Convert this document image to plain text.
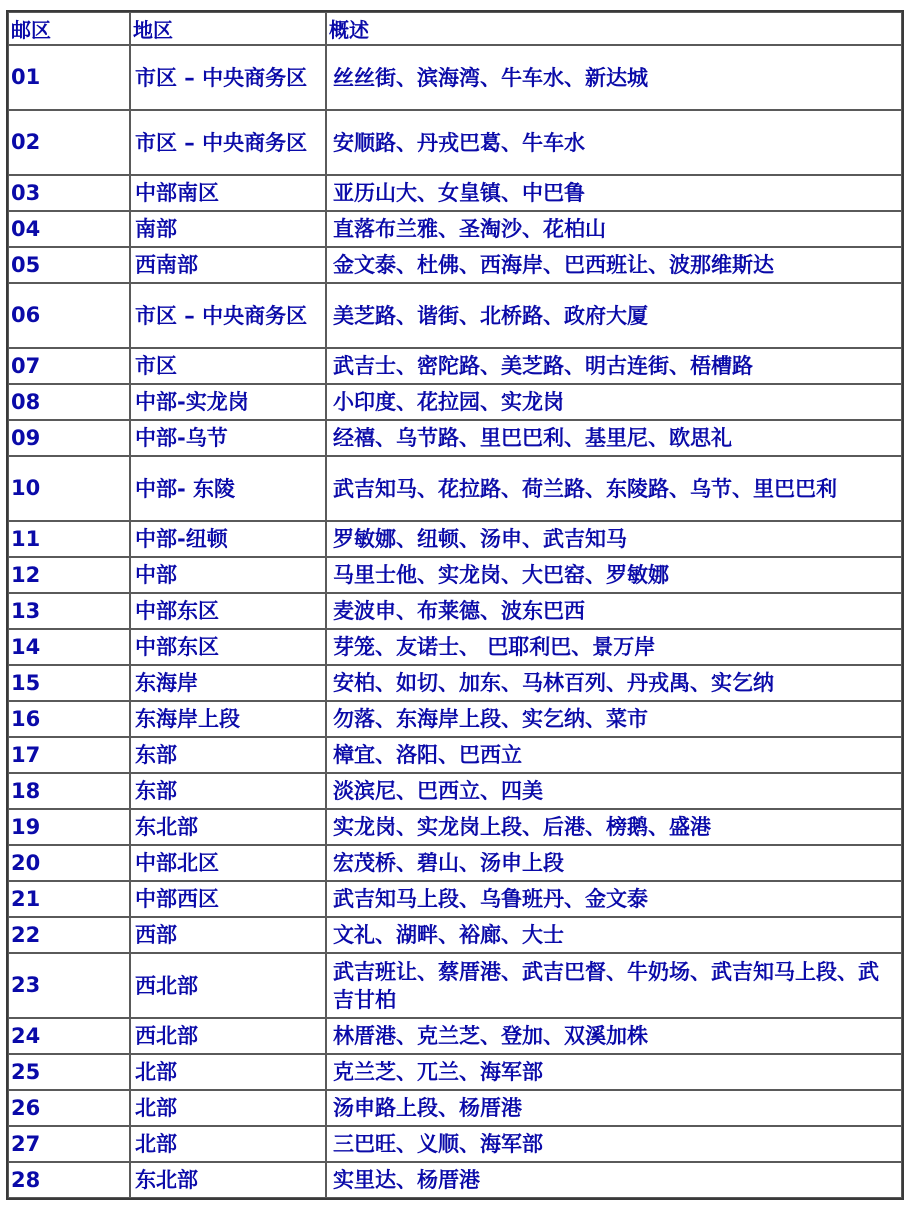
邮区	地区	概述
01	市区 – 中央商务区	丝丝街、滨海湾、牛车水、新达城
02	市区 – 中央商务区	安顺路、丹戎巴葛、牛车水
03	中部南区	亚历山大、女皇镇、中巴鲁
04	南部	直落布兰雅、圣淘沙、花柏山
05	西南部	金文泰、杜佛、西海岸、巴西班让、波那维斯达
06	市区 – 中央商务区	美芝路、谐街、北桥路、政府大厦
07	市区	武吉士、密陀路、美芝路、明古连街、梧槽路
08	中部-实龙岗	小印度、花拉园、实龙岗
09	中部-乌节	经禧、乌节路、里巴巴利、基里尼、欧思礼
10	中部- 东陵	武吉知马、花拉路、荷兰路、东陵路、乌节、里巴巴利
11	中部-纽顿	罗敏娜、纽顿、汤申、武吉知马
12	中部	马里士他、实龙岗、大巴窑、罗敏娜
13	中部东区	麦波申、布莱德、波东巴西
14	中部东区	芽笼、友诺士、 巴耶利巴、景万岸
15	东海岸	安柏、如切、加东、马林百列、丹戎禺、实乞纳
16	东海岸上段	勿落、东海岸上段、实乞纳、菜市
17	东部	樟宜、洛阳、巴西立
18	东部	淡滨尼、巴西立、四美
19	东北部	实龙岗、实龙岗上段、后港、榜鹅、盛港
20	中部北区	宏茂桥、碧山、汤申上段
21	中部西区	武吉知马上段、乌鲁班丹、金文泰
22	西部	文礼、湖畔、裕廊、大士
23	西北部	武吉班让、蔡厝港、武吉巴督、牛奶场、武吉知马上段、武吉甘柏
24	西北部	林厝港、克兰芝、登加、双溪加株
25	北部	克兰芝、兀兰、海军部
26	北部	汤申路上段、杨厝港
27	北部	三巴旺、义顺、海军部
28	东北部	实里达、杨厝港
